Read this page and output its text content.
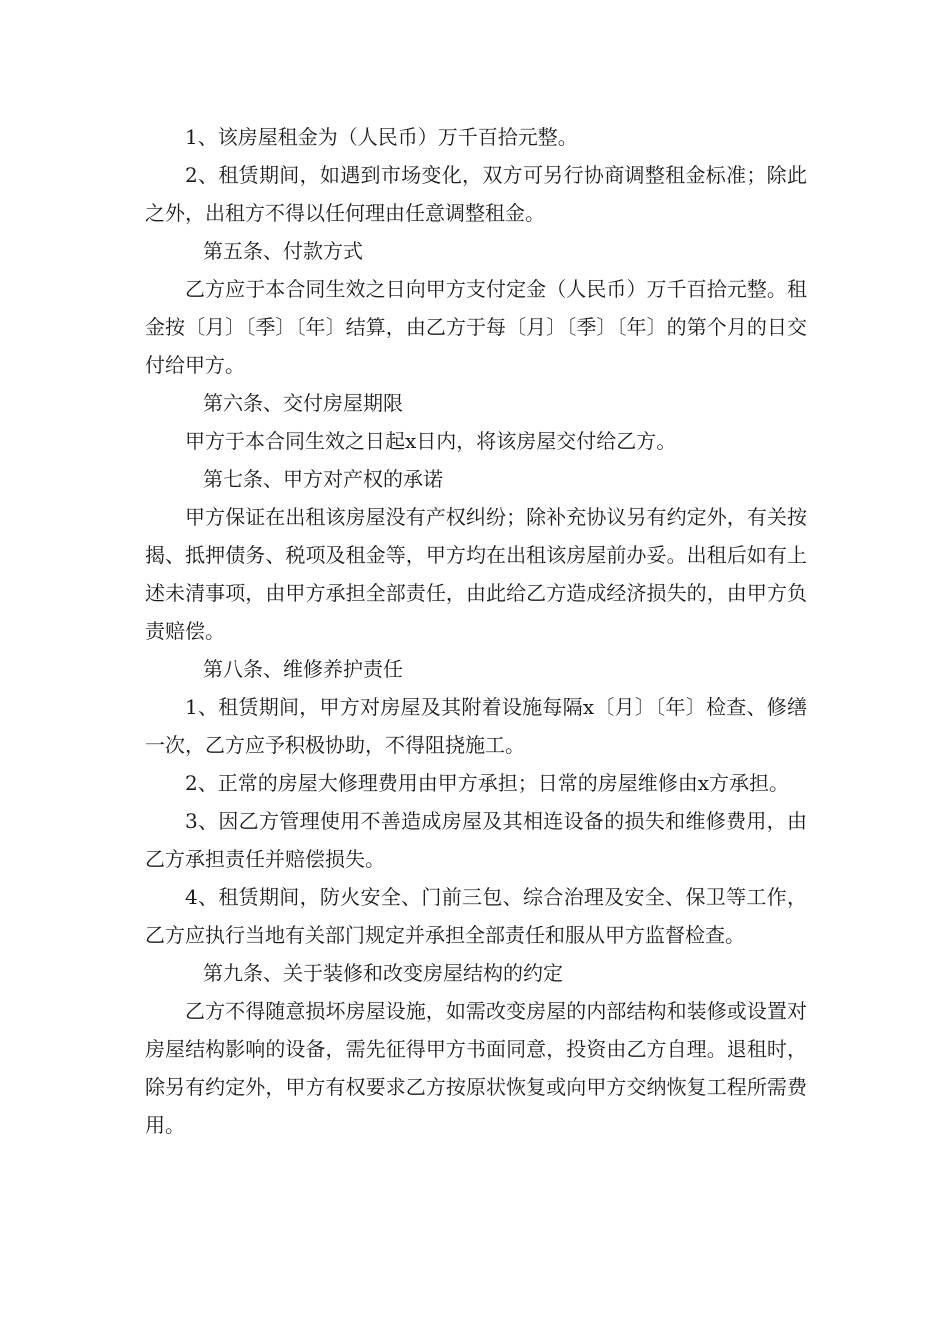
1、该房屋租金为（人民币）万千百拾元整。

2、租赁期间，如遇到市场变化，双方可另行协商调整租金标准；除此之外，出租方不得以任何理由任意调整租金。

第五条、付款方式

乙方应于本合同生效之日向甲方支付定金（人民币）万千百拾元整。租金按〔月〕〔季〕〔年〕结算，由乙方于每〔月〕〔季〕〔年〕的第个月的日交付给甲方。

第六条、交付房屋期限

甲方于本合同生效之日起x日内，将该房屋交付给乙方。

第七条、甲方对产权的承诺

甲方保证在出租该房屋没有产权纠纷；除补充协议另有约定外，有关按揭、抵押债务、税项及租金等，甲方均在出租该房屋前办妥。出租后如有上述未清事项，由甲方承担全部责任，由此给乙方造成经济损失的，由甲方负责赔偿。

第八条、维修养护责任

1、租赁期间，甲方对房屋及其附着设施每隔x〔月〕〔年〕检查、修缮一次，乙方应予积极协助，不得阻挠施工。

2、正常的房屋大修理费用由甲方承担；日常的房屋维修由x方承担。

3、因乙方管理使用不善造成房屋及其相连设备的损失和维修费用，由乙方承担责任并赔偿损失。

4、租赁期间，防火安全、门前三包、综合治理及安全、保卫等工作，乙方应执行当地有关部门规定并承担全部责任和服从甲方监督检查。

第九条、关于装修和改变房屋结构的约定

乙方不得随意损坏房屋设施，如需改变房屋的内部结构和装修或设置对房屋结构影响的设备，需先征得甲方书面同意，投资由乙方自理。退租时，除另有约定外，甲方有权要求乙方按原状恢复或向甲方交纳恢复工程所需费用。
